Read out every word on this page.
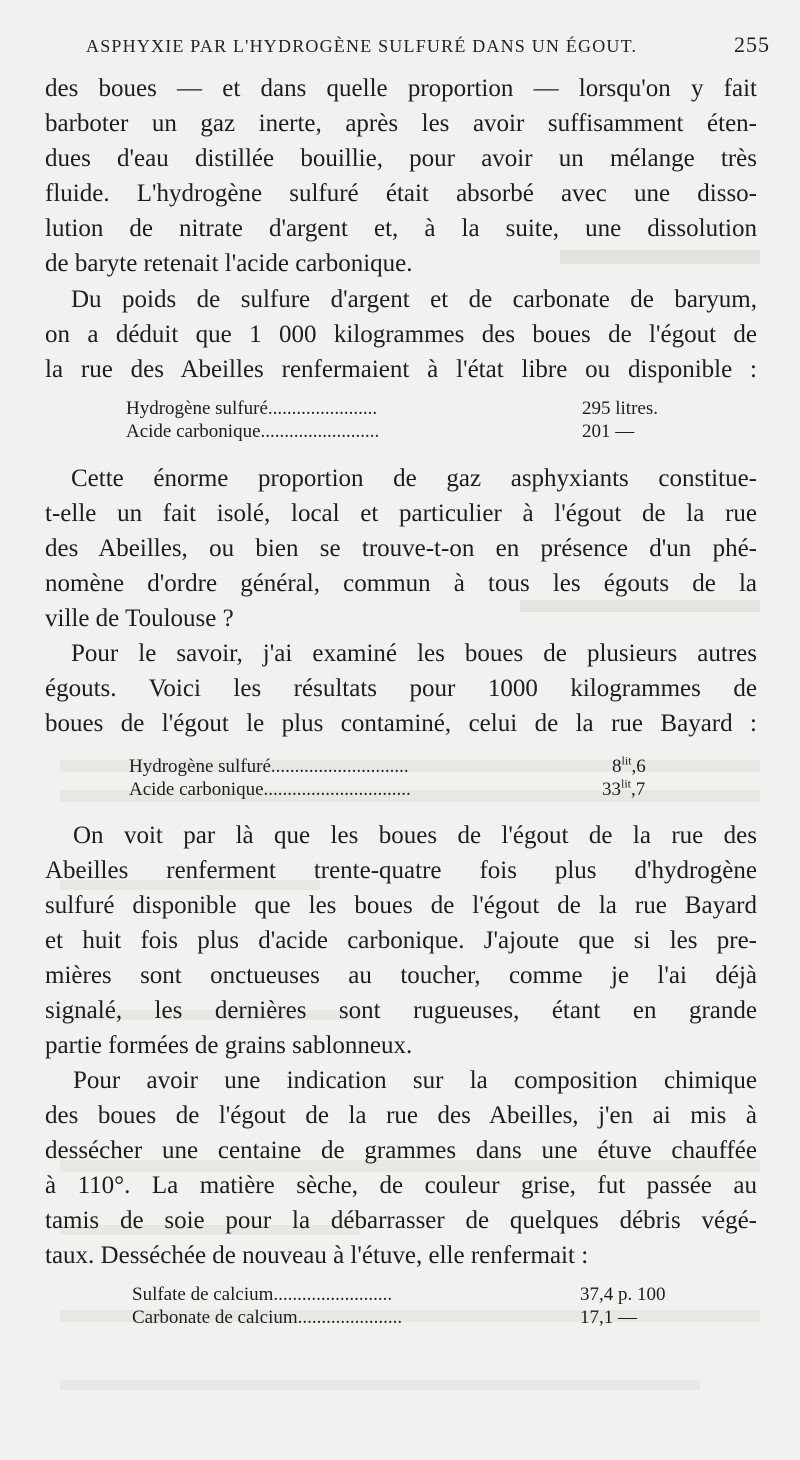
ASPHYXIE PAR L'HYDROGÈNE SULFURÉ DANS UN ÉGOUT.	255
des boues — et dans quelle proportion — lorsqu'on y fait
barboter un gaz inerte, après les avoir suffisamment éten-
dues d'eau distillée bouillie, pour avoir un mélange très
fluide. L'hydrogène sulfuré était absorbé avec une disso-
lution de nitrate d'argent et, à la suite, une dissolution
de baryte retenait l'acide carbonique.
Du poids de sulfure d'argent et de carbonate de baryum,
on a déduit que 1 000 kilogrammes des boues de l'égout de
la rue des Abeilles renfermaient à l'état libre ou disponible :
Hydrogène sulfuré.......................	295 litres.
Acide carbonique.........................	201 —
Cette énorme proportion de gaz asphyxiants constitue-
t-elle un fait isolé, local et particulier à l'égout de la rue
des Abeilles, ou bien se trouve-t-on en présence d'un phé-
nomène d'ordre général, commun à tous les égouts de la
ville de Toulouse ?
Pour le savoir, j'ai examiné les boues de plusieurs autres
égouts. Voici les résultats pour 1000 kilogrammes de
boues de l'égout le plus contaminé, celui de la rue Bayard :
Hydrogène sulfuré.............................	$8^{lit},6$
Acide carbonique...............................	$33^{lit},7$
On voit par là que les boues de l'égout de la rue des
Abeilles renferment trente-quatre fois plus d'hydrogène
sulfuré disponible que les boues de l'égout de la rue Bayard
et huit fois plus d'acide carbonique. J'ajoute que si les pre-
mières sont onctueuses au toucher, comme je l'ai déjà
signalé, les dernières sont rugueuses, étant en grande
partie formées de grains sablonneux.
Pour avoir une indication sur la composition chimique
des boues de l'égout de la rue des Abeilles, j'en ai mis à
dessécher une centaine de grammes dans une étuve chauffée
à 110°. La matière sèche, de couleur grise, fut passée au
tamis de soie pour la débarrasser de quelques débris végé-
taux. Desséchée de nouveau à l'étuve, elle renfermait :
Sulfate de calcium.........................	37,4 p. 100
Carbonate de calcium......................	17,1 —
